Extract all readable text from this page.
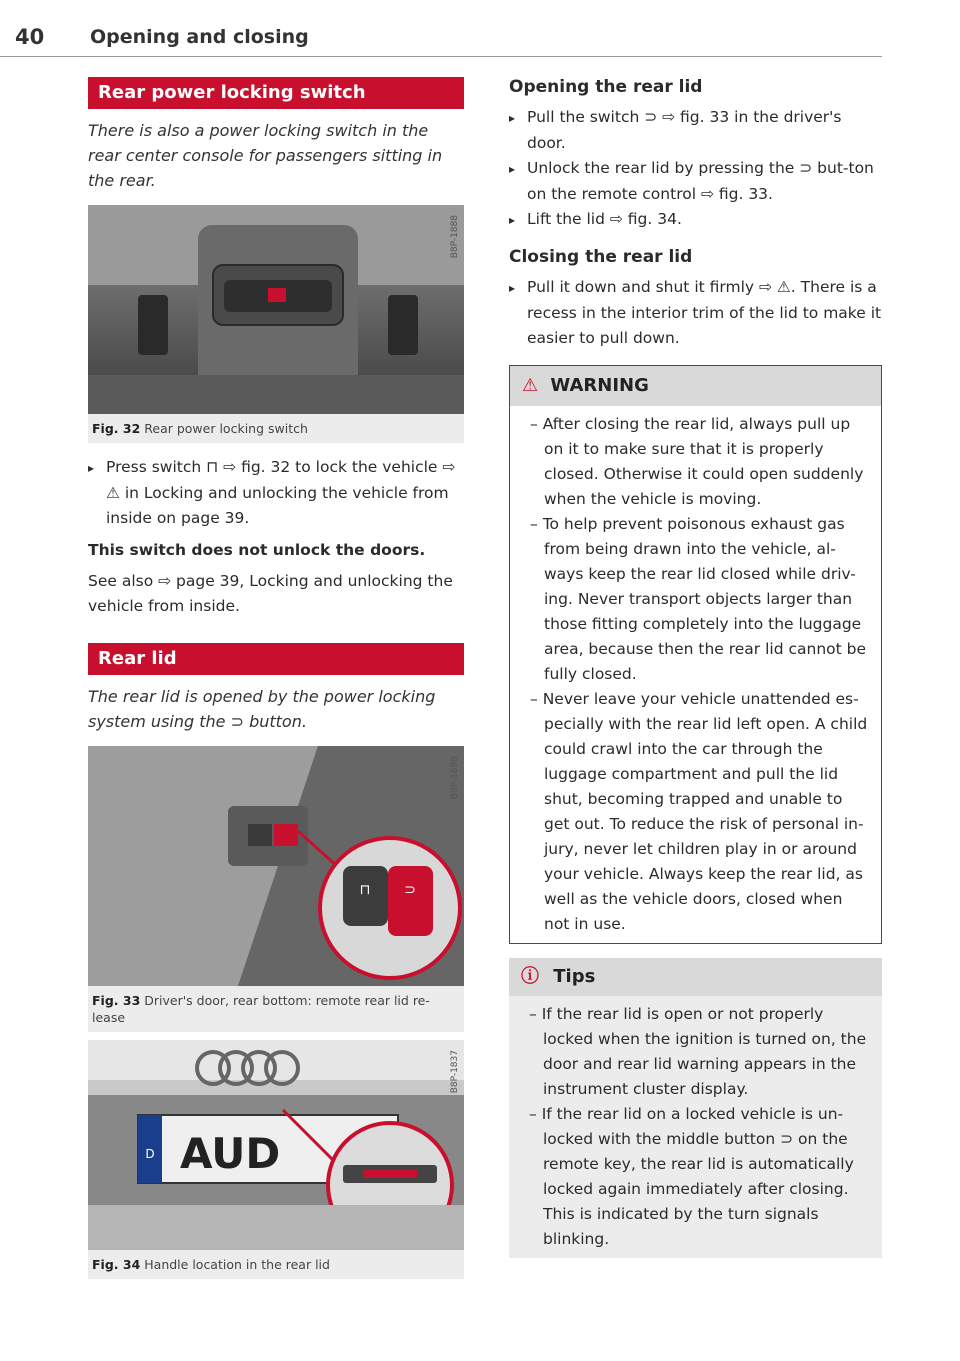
40 Opening and closing
Rear power locking switch

There is also a power locking switch in the rear center console for passengers sitting in the rear.

B8P-1888
Fig. 32 Rear power locking switch

▸ Press switch ⊓ ⇨ fig. 32 to lock the vehicle ⇨ ⚠ in Locking and unlocking the vehicle from inside on page 39.

This switch does not unlock the doors.

See also ⇨ page 39, Locking and unlocking the vehicle from inside.

Rear lid

The rear lid is opened by the power locking system using the ⊃ button.

⊓ ⊃
B8P-1698
Fig. 33 Driver's door, rear bottom: remote rear lid re-lease
D AUD
B8P-1837
Fig. 34 Handle location in the rear lid

Opening the rear lid

▸ Pull the switch ⊃ ⇨ fig. 33 in the driver's door.

▸ Unlock the rear lid by pressing the ⊃ but-ton on the remote control ⇨ fig. 33.

▸ Lift the lid ⇨ fig. 34.

Closing the rear lid

▸ Pull it down and shut it firmly ⇨ ⚠. There is a recess in the interior trim of the lid to make it easier to pull down.

⚠ WARNING

– After closing the rear lid, always pull up on it to make sure that it is properly closed. Otherwise it could open suddenly when the vehicle is moving.

– To help prevent poisonous exhaust gas from being drawn into the vehicle, al-ways keep the rear lid closed while driv-ing. Never transport objects larger than those fitting completely into the luggage area, because then the rear lid cannot be fully closed.

– Never leave your vehicle unattended es-pecially with the rear lid left open. A child could crawl into the car through the luggage compartment and pull the lid shut, becoming trapped and unable to get out. To reduce the risk of personal in-jury, never let children play in or around your vehicle. Always keep the rear lid, as well as the vehicle doors, closed when not in use.

ⓘ Tips

– If the rear lid is open or not properly locked when the ignition is turned on, the door and rear lid warning appears in the instrument cluster display.

– If the rear lid on a locked vehicle is un-locked with the middle button ⊃ on the remote key, the rear lid is automatically locked again immediately after closing. This is indicated by the turn signals blinking.
